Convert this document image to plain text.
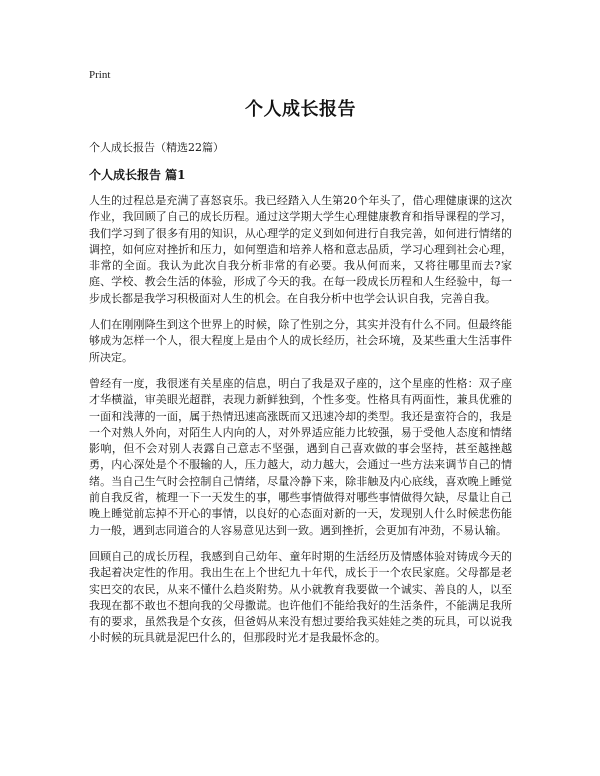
Print
个人成长报告
个人成长报告（精选22篇）
个人成长报告 篇1

人生的过程总是充满了喜怒哀乐。我已经踏入人生第20个年头了，借心理健康课的这次作业，我回顾了自己的成长历程。通过这学期大学生心理健康教育和指导课程的学习，我们学习到了很多有用的知识，从心理学的定义到如何进行自我完善，如何进行情绪的调控，如何应对挫折和压力，如何塑造和培养人格和意志品质，学习心理到社会心理，非常的全面。我认为此次自我分析非常的有必要。我从何而来，又将往哪里而去?家庭、学校、教会生活的体验，形成了今天的我。在每一段成长历程和人生经验中，每一步成长都是我学习积极面对人生的机会。在自我分析中也学会认识自我，完善自我。

人们在刚刚降生到这个世界上的时候，除了性别之分，其实并没有什么不同。但最终能够成为怎样一个人，很大程度上是由个人的成长经历，社会环境，及某些重大生活事件所决定。

曾经有一度，我很迷有关星座的信息，明白了我是双子座的，这个星座的性格：双子座才华横溢，审美眼光超群，表现力新鲜独到，个性多变。性格具有两面性，兼具优雅的一面和浅薄的一面，属于热情迅速高涨既而又迅速冷却的类型。我还是蛮符合的，我是一个对熟人外向，对陌生人内向的人，对外界适应能力比较强，易于受他人态度和情绪影响，但不会对别人表露自己意志不坚强，遇到自己喜欢做的事会坚持，甚至越挫越勇，内心深处是个不服输的人，压力越大，动力越大，会通过一些方法来调节自己的情绪。当自己生气时会控制自己情绪，尽量冷静下来，除非触及内心底线，喜欢晚上睡觉前自我反省，梳理一下一天发生的事，哪些事情做得对哪些事情做得欠缺，尽量让自己晚上睡觉前忘掉不开心的事情，以良好的心态面对新的一天，发现别人什么时候悲伤能力一般，遇到志同道合的人容易意见达到一致。遇到挫折，会更加有冲劲，不易认输。

回顾自己的成长历程，我感到自己幼年、童年时期的生活经历及情感体验对铸成今天的我起着决定性的作用。我出生在上个世纪九十年代，成长于一个农民家庭。父母都是老实巴交的农民，从来不懂什么趋炎附势。从小就教育我要做一个诚实、善良的人，以至我现在都不敢也不想向我的父母撒谎。也许他们不能给我好的生活条件，不能满足我所有的要求，虽然我是个女孩，但爸妈从来没有想过要给我买娃娃之类的玩具，可以说我小时候的玩具就是泥巴什么的，但那段时光才是我最怀念的。
